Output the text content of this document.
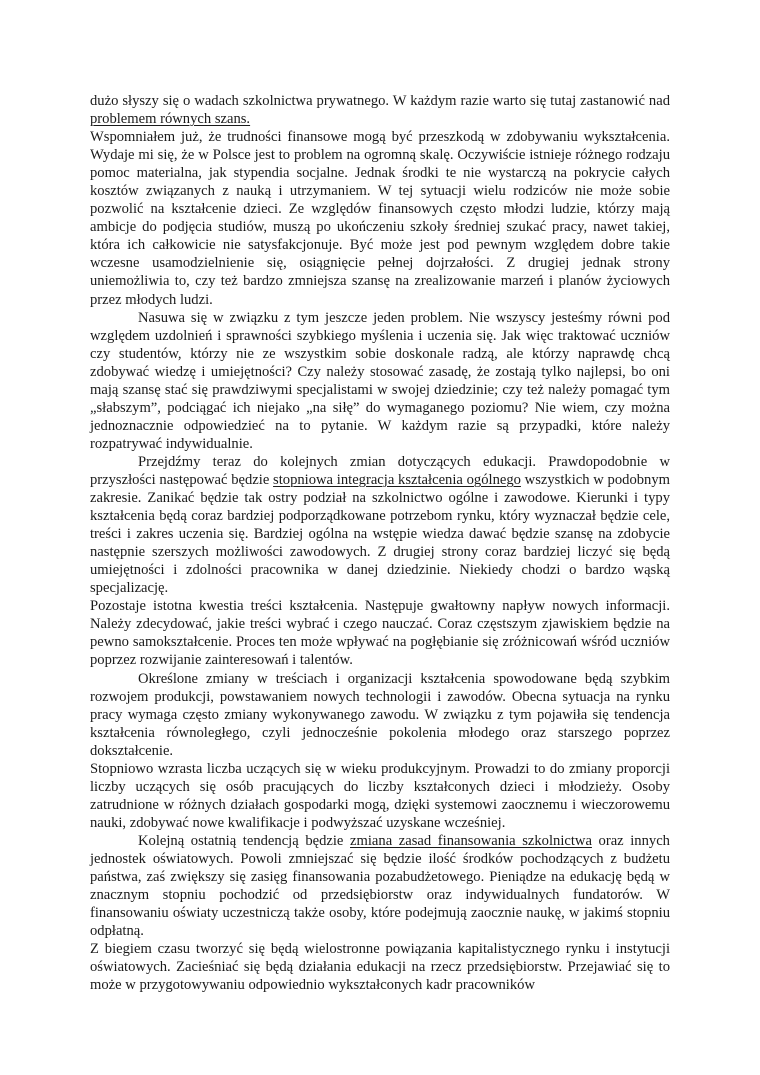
dużo słyszy się o wadach szkolnictwa prywatnego. W każdym razie warto się tutaj zastanowić nad problemem równych szans.

Wspomniałem już, że trudności finansowe mogą być przeszkodą w zdobywaniu wykształcenia. Wydaje mi się, że w Polsce jest to problem na ogromną skalę. Oczywiście istnieje różnego rodzaju pomoc materialna, jak stypendia socjalne. Jednak środki te nie wystarczą na pokrycie całych kosztów związanych z nauką i utrzymaniem. W tej sytuacji wielu rodziców nie może sobie pozwolić na kształcenie dzieci. Ze względów finansowych często młodzi ludzie, którzy mają ambicje do podjęcia studiów, muszą po ukończeniu szkoły średniej szukać pracy, nawet takiej, która ich całkowicie nie satysfakcjonuje. Być może jest pod pewnym względem dobre takie wczesne usamodzielnienie się, osiągnięcie pełnej dojrzałości. Z drugiej jednak strony uniemożliwia to, czy też bardzo zmniejsza szansę na zrealizowanie marzeń i planów życiowych przez młodych ludzi.

Nasuwa się w związku z tym jeszcze jeden problem. Nie wszyscy jesteśmy równi pod względem uzdolnień i sprawności szybkiego myślenia i uczenia się. Jak więc traktować uczniów czy studentów, którzy nie ze wszystkim sobie doskonale radzą, ale którzy naprawdę chcą zdobywać wiedzę i umiejętności? Czy należy stosować zasadę, że zostają tylko najlepsi, bo oni mają szansę stać się prawdziwymi specjalistami w swojej dziedzinie; czy też należy pomagać tym „słabszym”, podciągać ich niejako „na siłę” do wymaganego poziomu? Nie wiem, czy można jednoznacznie odpowiedzieć na to pytanie. W każdym razie są przypadki, które należy rozpatrywać indywidualnie.

Przejdźmy teraz do kolejnych zmian dotyczących edukacji. Prawdopodobnie w przyszłości następować będzie stopniowa integracja kształcenia ogólnego wszystkich w podobnym zakresie. Zanikać będzie tak ostry podział na szkolnictwo ogólne i zawodowe. Kierunki i typy kształcenia będą coraz bardziej podporządkowane potrzebom rynku, który wyznaczał będzie cele, treści i zakres uczenia się. Bardziej ogólna na wstępie wiedza dawać będzie szansę na zdobycie następnie szerszych możliwości zawodowych. Z drugiej strony coraz bardziej liczyć się będą umiejętności i zdolności pracownika w danej dziedzinie. Niekiedy chodzi o bardzo wąską specjalizację.

Pozostaje istotna kwestia treści kształcenia. Następuje gwałtowny napływ nowych informacji. Należy zdecydować, jakie treści wybrać i czego nauczać. Coraz częstszym zjawiskiem będzie na pewno samokształcenie. Proces ten może wpływać na pogłębianie się zróżnicowań wśród uczniów poprzez rozwijanie zainteresowań i talentów.

Określone zmiany w treściach i organizacji kształcenia spowodowane będą szybkim rozwojem produkcji, powstawaniem nowych technologii i zawodów. Obecna sytuacja na rynku pracy wymaga często zmiany wykonywanego zawodu. W związku z tym pojawiła się tendencja kształcenia równoległego, czyli jednocześnie pokolenia młodego oraz starszego poprzez dokształcenie.

Stopniowo wzrasta liczba uczących się w wieku produkcyjnym. Prowadzi to do zmiany proporcji liczby uczących się osób pracujących do liczby kształconych dzieci i młodzieży. Osoby zatrudnione w różnych działach gospodarki mogą, dzięki systemowi zaocznemu i wieczorowemu nauki, zdobywać nowe kwalifikacje i podwyższać uzyskane wcześniej.

Kolejną ostatnią tendencją będzie zmiana zasad finansowania szkolnictwa oraz innych jednostek oświatowych. Powoli zmniejszać się będzie ilość środków pochodzących z budżetu państwa, zaś zwiększy się zasięg finansowania pozabudżetowego. Pieniądze na edukację będą w znacznym stopniu pochodzić od przedsiębiorstw oraz indywidualnych fundatorów. W finansowaniu oświaty uczestniczą także osoby, które podejmują zaocznie naukę, w jakimś stopniu odpłatną.

Z biegiem czasu tworzyć się będą wielostronne powiązania kapitalistycznego rynku i instytucji oświatowych. Zacieśniać się będą działania edukacji na rzecz przedsiębiorstw. Przejawiać się to może w przygotowywaniu odpowiednio wykształconych kadr pracowników
